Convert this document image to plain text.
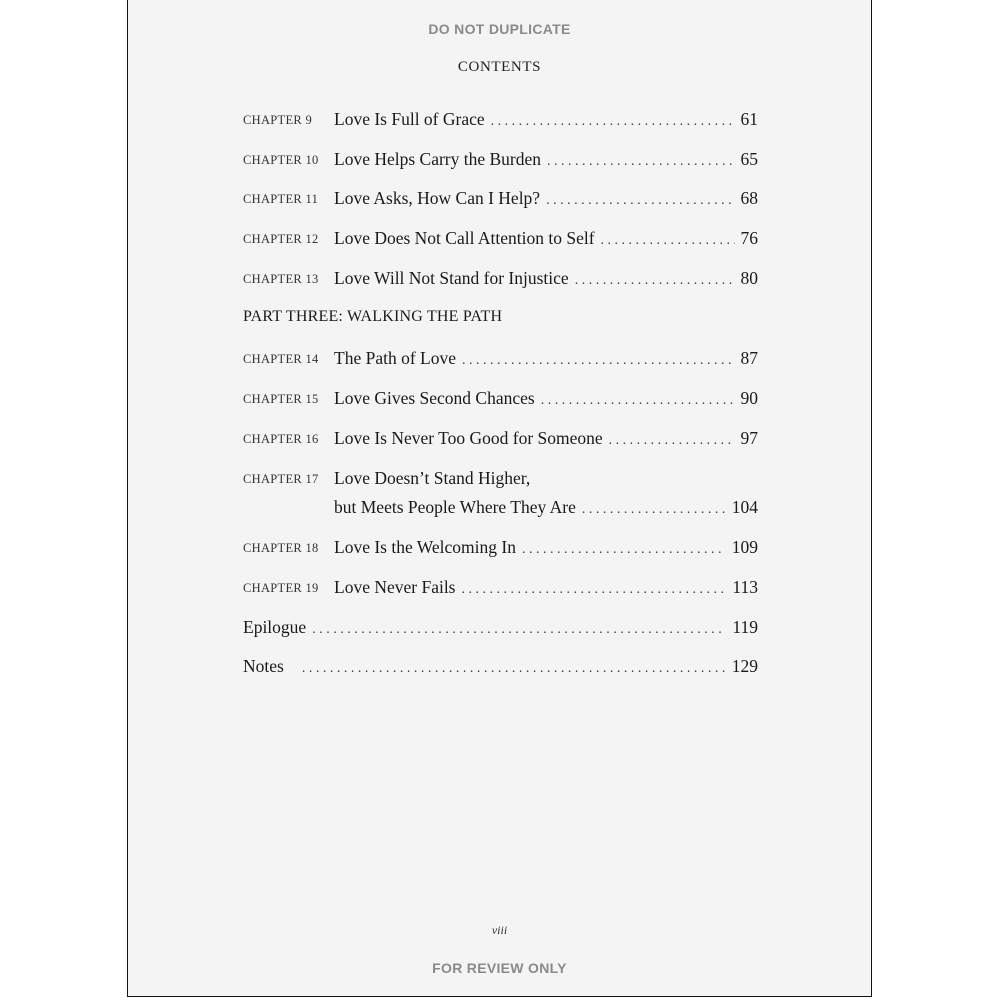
DO NOT DUPLICATE
CONTENTS
CHAPTER 9 Love Is Full of Grace . . .	61
CHAPTER 10 Love Helps Carry the Burden . . .	65
CHAPTER 11 Love Asks, How Can I Help? . . .	68
CHAPTER 12 Love Does Not Call Attention to Self . . .	76
CHAPTER 13 Love Will Not Stand for Injustice . . .	80
PART THREE: WALKING THE PATH
CHAPTER 14 The Path of Love . . .	87
CHAPTER 15 Love Gives Second Chances . . .	90
CHAPTER 16 Love Is Never Too Good for Someone . . .	97
CHAPTER 17 Love Doesn’t Stand Higher,
but Meets People Where They Are . . .	104
CHAPTER 18 Love Is the Welcoming In . . .	109
CHAPTER 19 Love Never Fails . . .	113
Epilogue . . .	119
Notes . . .	129
viii
FOR REVIEW ONLY
